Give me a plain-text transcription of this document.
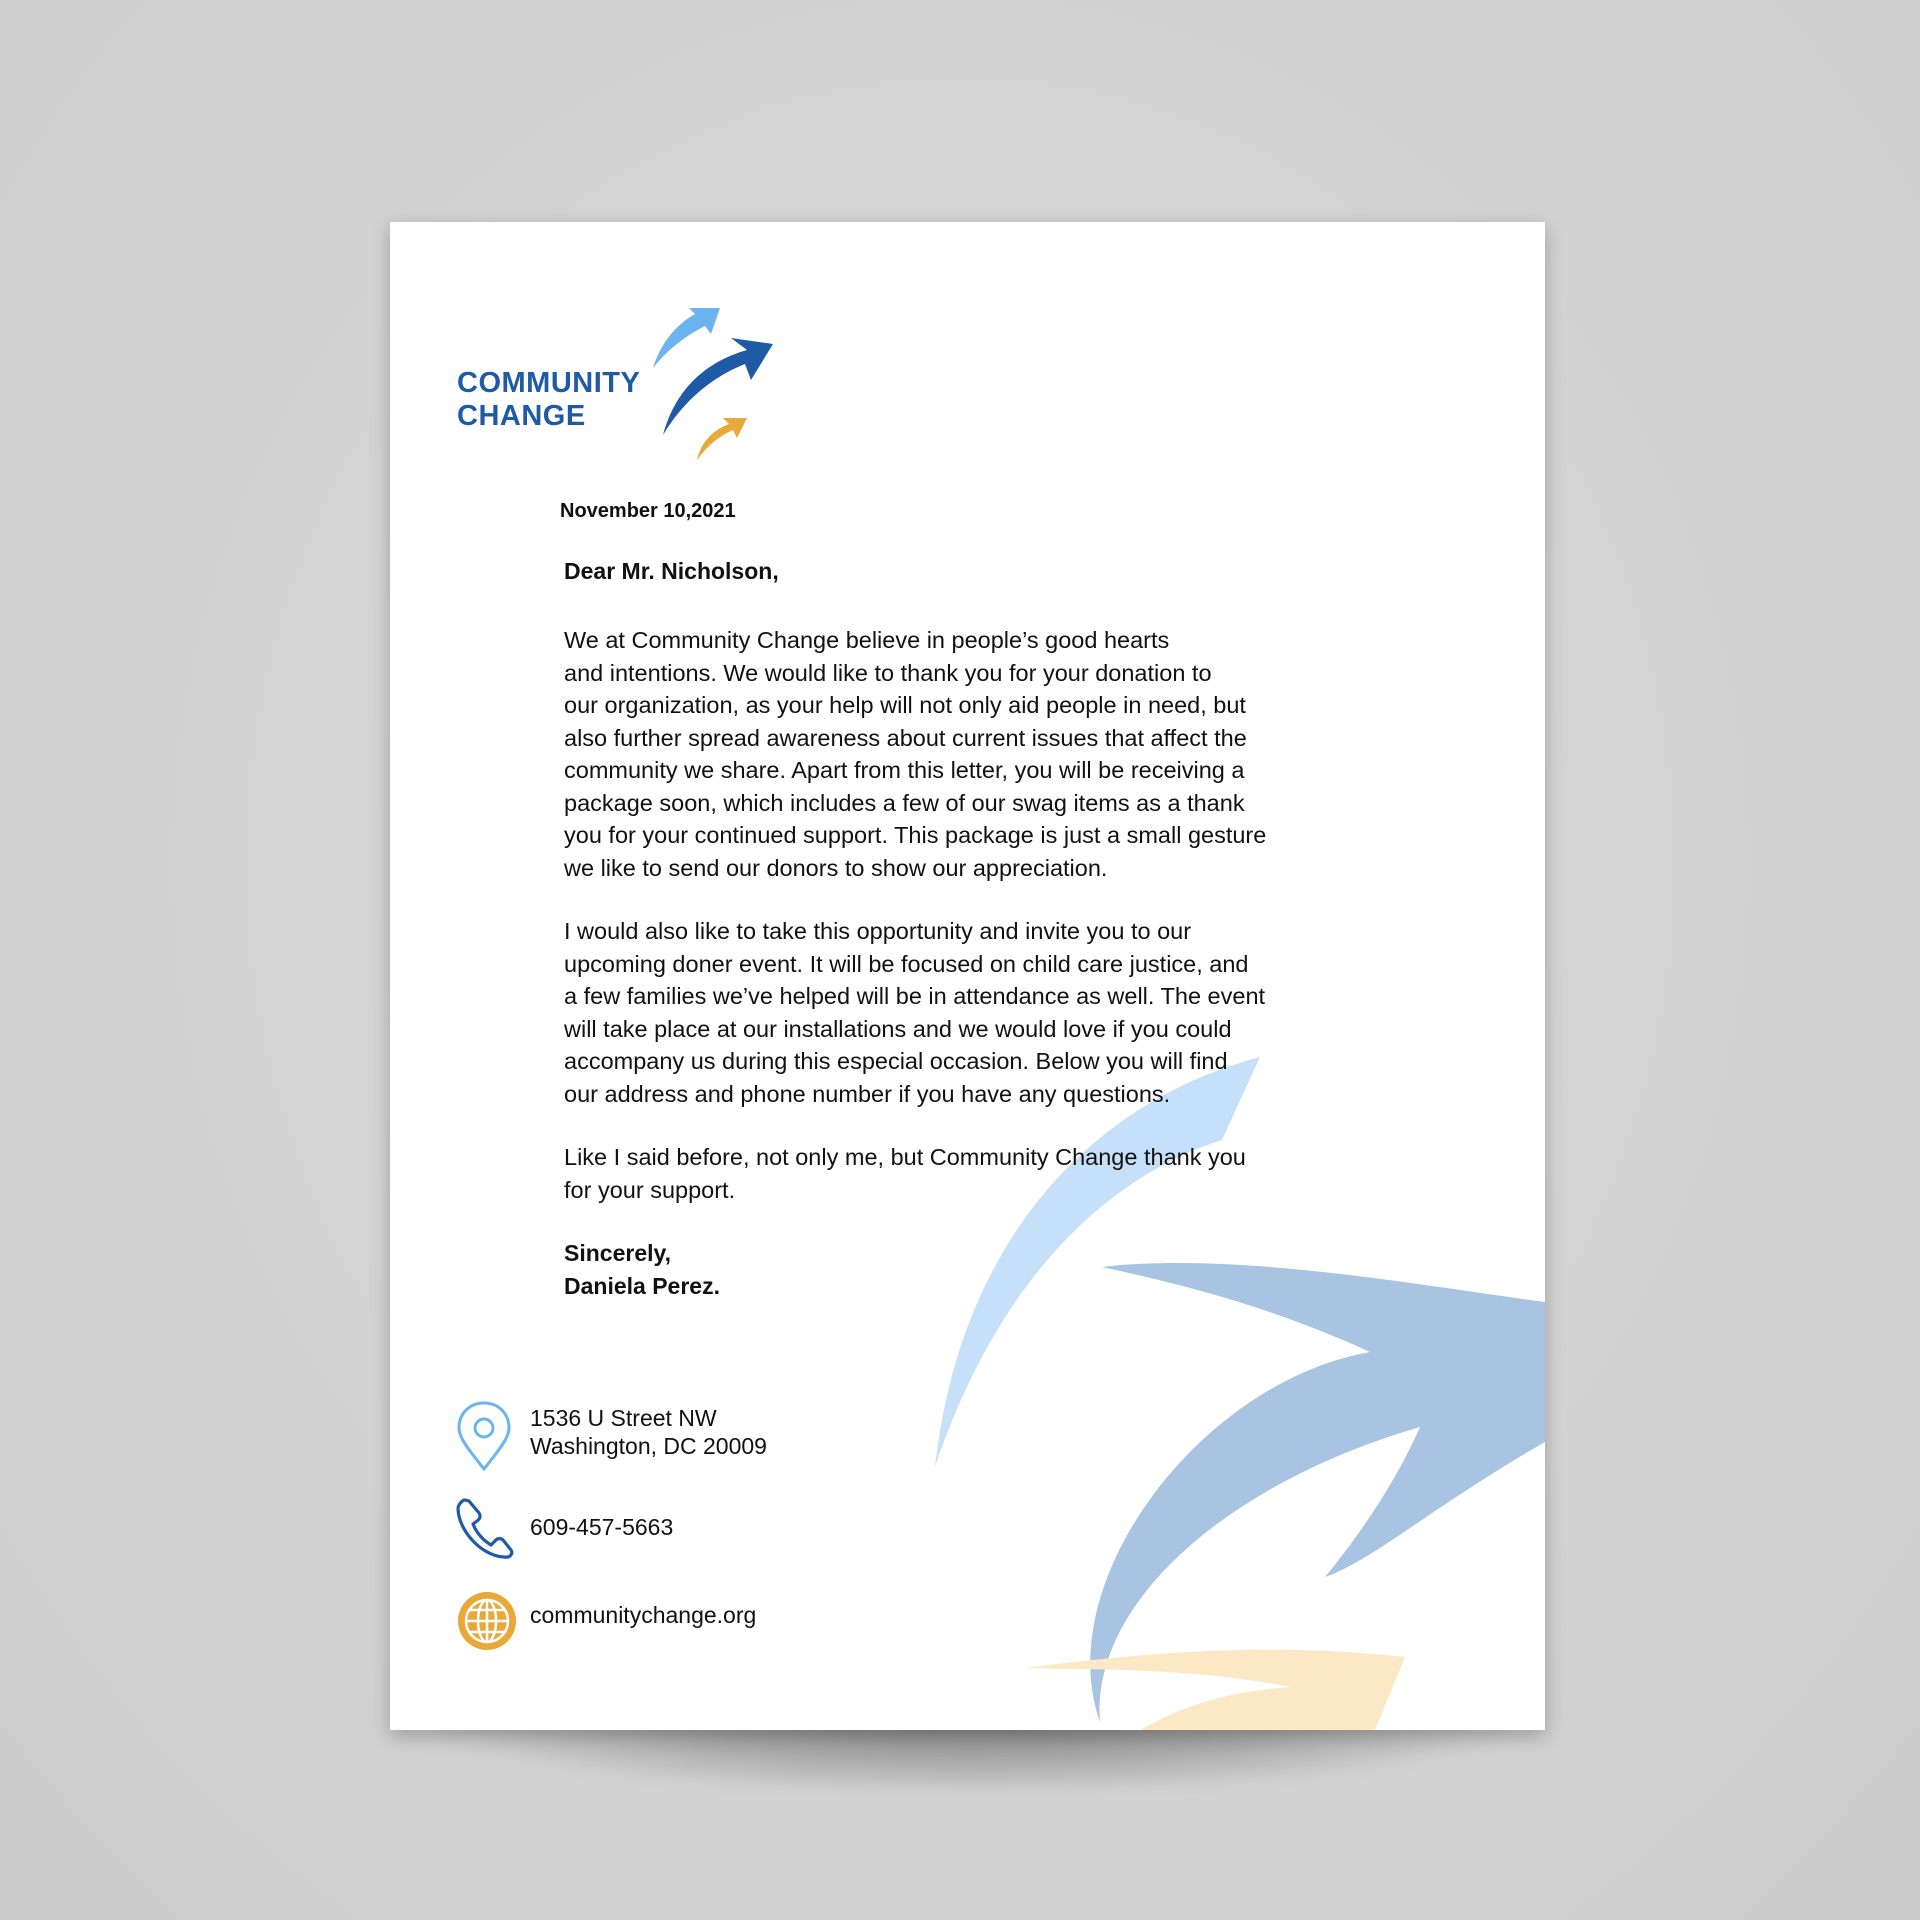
COMMUNITY
CHANGE
November 10,2021
Dear Mr. Nicholson,
We at Community Change believe in people’s good hearts
and intentions. We would like to thank you for your donation to
our organization, as your help will not only aid people in need, but
also further spread awareness about current issues that affect the
community we share. Apart from this letter, you will be receiving a
package soon, which includes a few of our swag items as a thank
you for your continued support. This package is just a small gesture
we like to send our donors to show our appreciation.
I would also like to take this opportunity and invite you to our
upcoming doner event. It will be focused on child care justice, and
a few families we’ve helped will be in attendance as well. The event
will take place at our installations and we would love if you could
accompany us during this especial occasion. Below you will find
our address and phone number if you have any questions.
Like I said before, not only me, but Community Change thank you
for your support.
Sincerely,
Daniela Perez.
1536 U Street NW
Washington, DC 20009
609-457-5663
communitychange.org
